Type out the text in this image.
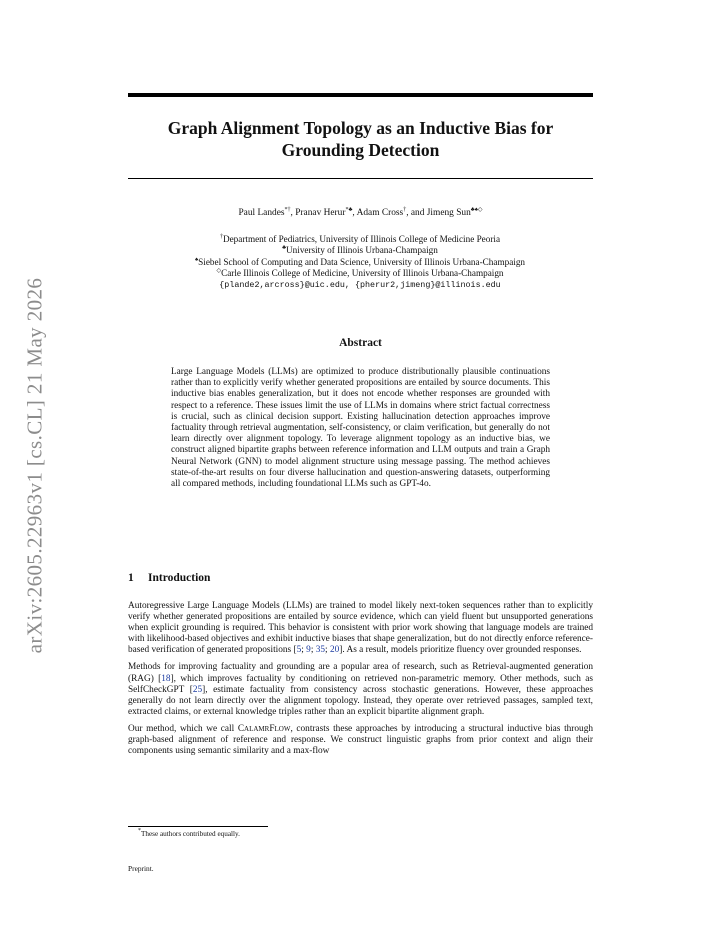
arXiv:2605.22963v1 [cs.CL] 21 May 2026
Graph Alignment Topology as an Inductive Bias for
Grounding Detection
Paul Landes*†, Pranav Herur*♣, Adam Cross†, and Jimeng Sun♣♠◇
†Department of Pediatrics, University of Illinois College of Medicine Peoria
♣University of Illinois Urbana-Champaign
♠Siebel School of Computing and Data Science, University of Illinois Urbana-Champaign
◇Carle Illinois College of Medicine, University of Illinois Urbana-Champaign
{plande2,arcross}@uic.edu, {pherur2,jimeng}@illinois.edu
Abstract
Large Language Models (LLMs) are optimized to produce distributionally plausible continuations rather than to explicitly verify whether generated propositions are entailed by source documents. This inductive bias enables generalization, but it does not encode whether responses are grounded with respect to a reference. These issues limit the use of LLMs in domains where strict factual correctness is crucial, such as clinical decision support. Existing hallucination detection approaches improve factuality through retrieval augmentation, self-consistency, or claim verification, but generally do not learn directly over alignment topology. To leverage alignment topology as an inductive bias, we construct aligned bipartite graphs between reference information and LLM outputs and train a Graph Neural Network (GNN) to model alignment structure using message passing. The method achieves state-of-the-art results on four diverse hallucination and question-answering datasets, outperforming all compared methods, including foundational LLMs such as GPT-4o.
1 Introduction

Autoregressive Large Language Models (LLMs) are trained to model likely next-token sequences rather than to explicitly verify whether generated propositions are entailed by source evidence, which can yield fluent but unsupported generations when explicit grounding is required. This behavior is consistent with prior work showing that language models are trained with likelihood-based objectives and exhibit inductive biases that shape generalization, but do not directly enforce reference-based verification of generated propositions [5; 9; 35; 20]. As a result, models prioritize fluency over grounded responses.

Methods for improving factuality and grounding are a popular area of research, such as Retrieval-augmented generation (RAG) [18], which improves factuality by conditioning on retrieved non-parametric memory. Other methods, such as SelfCheckGPT [25], estimate factuality from consistency across stochastic generations. However, these approaches generally do not learn directly over the alignment topology. Instead, they operate over retrieved passages, sampled text, extracted claims, or external knowledge triples rather than an explicit bipartite alignment graph.

Our method, which we call CalamrFlow, contrasts these approaches by introducing a structural inductive bias through graph-based alignment of reference and response. We construct linguistic graphs from prior context and align their components using semantic similarity and a max-flow

*These authors contributed equally.
Preprint.
